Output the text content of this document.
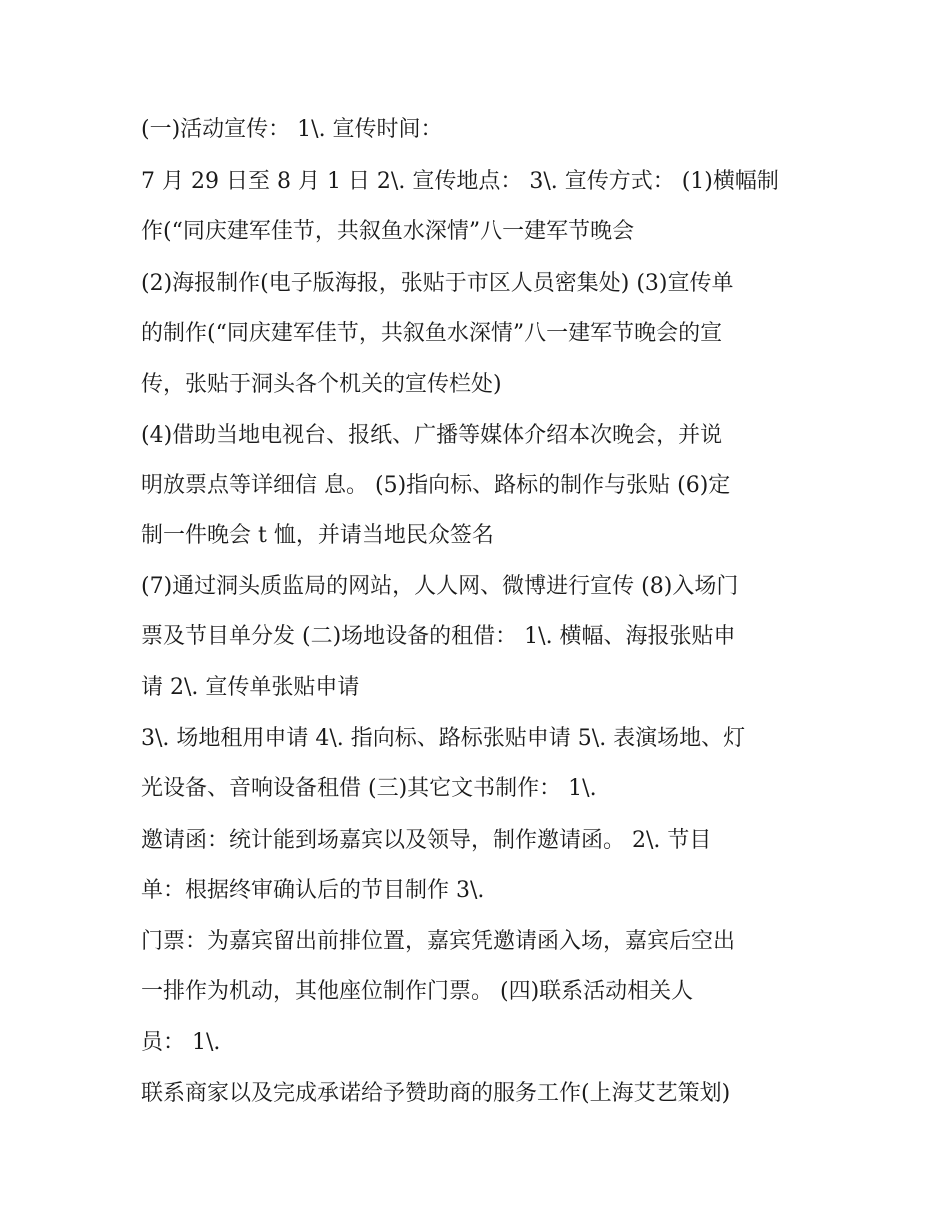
(一)活动宣传： 1\. 宣传时间：
7 月 29 日至 8 月 1 日 2\. 宣传地点： 3\. 宣传方式： (1)横幅制
作(“同庆建军佳节，共叙鱼水深情”八一建军节晚会
(2)海报制作(电子版海报，张贴于市区人员密集处) (3)宣传单
的制作(“同庆建军佳节，共叙鱼水深情”八一建军节晚会的宣
传，张贴于洞头各个机关的宣传栏处)
(4)借助当地电视台、报纸、广播等媒体介绍本次晚会，并说
明放票点等详细信 息。 (5)指向标、路标的制作与张贴 (6)定
制一件晚会 t 恤，并请当地民众签名
(7)通过洞头质监局的网站，人人网、微博进行宣传 (8)入场门
票及节目单分发 (二)场地设备的租借： 1\. 横幅、海报张贴申
请 2\. 宣传单张贴申请
3\. 场地租用申请 4\. 指向标、路标张贴申请 5\. 表演场地、灯
光设备、音响设备租借 (三)其它文书制作： 1\.
邀请函：统计能到场嘉宾以及领导，制作邀请函。 2\. 节目
单：根据终审确认后的节目制作 3\.
门票：为嘉宾留出前排位置，嘉宾凭邀请函入场，嘉宾后空出
一排作为机动，其他座位制作门票。 (四)联系活动相关人
员： 1\.
联系商家以及完成承诺给予赞助商的服务工作(上海艾艺策划)
